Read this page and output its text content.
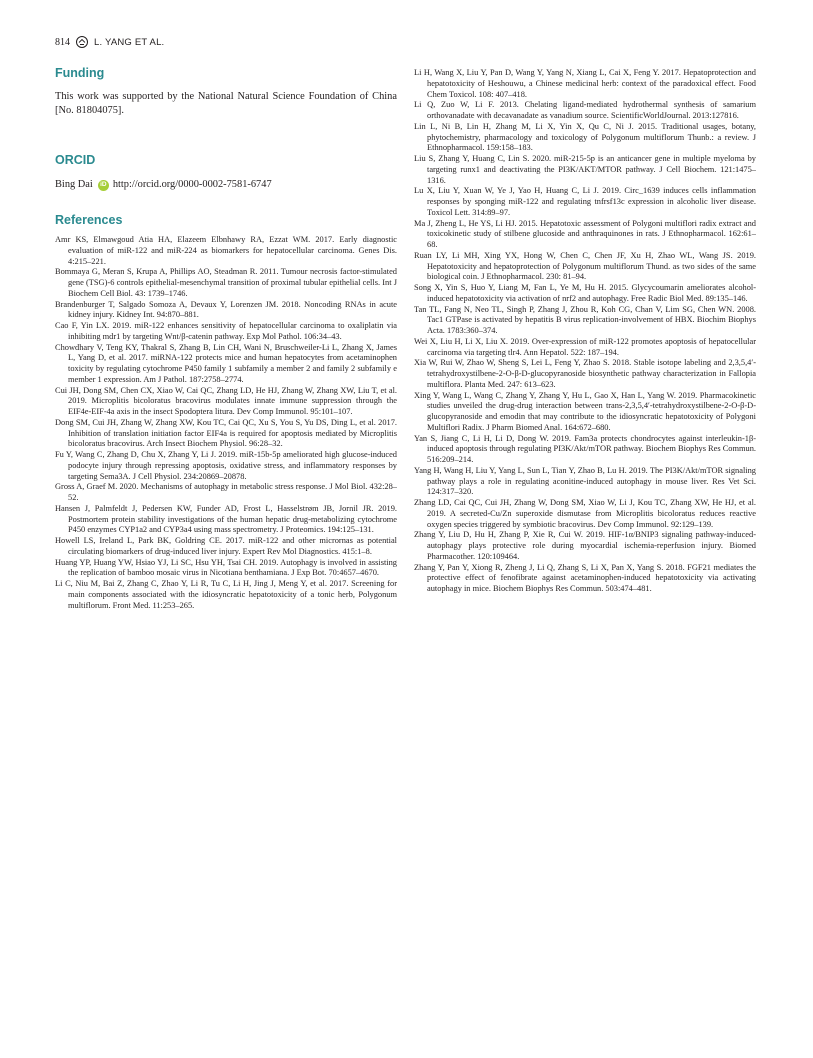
814	L. YANG ET AL.
Funding

This work was supported by the National Natural Science Foundation of China [No. 81804075].

ORCID

Bing Dai	iD http://orcid.org/0000-0002-7581-6747

References

Amr KS, Elmawgoud Atia HA, Elazeem Elbnhawy RA, Ezzat WM. 2017. Early diagnostic evaluation of miR-122 and miR-224 as biomarkers for hepatocellular carcinoma. Genes Dis. 4:215–221.

Bommaya G, Meran S, Krupa A, Phillips AO, Steadman R. 2011. Tumour necrosis factor-stimulated gene (TSG)-6 controls epithelial-mesenchymal transition of proximal tubular epithelial cells. Int J Biochem Cell Biol. 43: 1739–1746.

Brandenburger T, Salgado Somoza A, Devaux Y, Lorenzen JM. 2018. Noncoding RNAs in acute kidney injury. Kidney Int. 94:870–881.

Cao F, Yin LX. 2019. miR-122 enhances sensitivity of hepatocellular carcinoma to oxaliplatin via inhibiting mdr1 by targeting Wnt/β-catenin pathway. Exp Mol Pathol. 106:34–43.

Chowdhary V, Teng KY, Thakral S, Zhang B, Lin CH, Wani N, Bruschweiler-Li L, Zhang X, James L, Yang D, et al. 2017. miRNA-122 protects mice and human hepatocytes from acetaminophen toxicity by regulating cytochrome P450 family 1 subfamily a member 2 and family 2 subfamily e member 1 expression. Am J Pathol. 187:2758–2774.

Cui JH, Dong SM, Chen CX, Xiao W, Cai QC, Zhang LD, He HJ, Zhang W, Zhang XW, Liu T, et al. 2019. Microplitis bicoloratus bracovirus modulates innate immune suppression through the EIF4e-EIF-4a axis in the insect Spodoptera litura. Dev Comp Immunol. 95:101–107.

Dong SM, Cui JH, Zhang W, Zhang XW, Kou TC, Cai QC, Xu S, You S, Yu DS, Ding L, et al. 2017. Inhibition of translation initiation factor EIF4a is required for apoptosis mediated by Microplitis bicoloratus bracovirus. Arch Insect Biochem Physiol. 96:28–32.

Fu Y, Wang C, Zhang D, Chu X, Zhang Y, Li J. 2019. miR-15b-5p ameliorated high glucose-induced podocyte injury through repressing apoptosis, oxidative stress, and inflammatory responses by targeting Sema3A. J Cell Physiol. 234:20869–20878.

Gross A, Graef M. 2020. Mechanisms of autophagy in metabolic stress response. J Mol Biol. 432:28–52.

Hansen J, Palmfeldt J, Pedersen KW, Funder AD, Frost L, Hasselstrøm JB, Jornil JR. 2019. Postmortem protein stability investigations of the human hepatic drug-metabolizing cytochrome P450 enzymes CYP1a2 and CYP3a4 using mass spectrometry. J Proteomics. 194:125–131.

Howell LS, Ireland L, Park BK, Goldring CE. 2017. miR-122 and other micrornas as potential circulating biomarkers of drug-induced liver injury. Expert Rev Mol Diagnostics. 415:1–8.

Huang YP, Huang YW, Hsiao YJ, Li SC, Hsu YH, Tsai CH. 2019. Autophagy is involved in assisting the replication of bamboo mosaic virus in Nicotiana benthamiana. J Exp Bot. 70:4657–4670.

Li C, Niu M, Bai Z, Zhang C, Zhao Y, Li R, Tu C, Li H, Jing J, Meng Y, et al. 2017. Screening for main components associated with the idiosyncratic hepatotoxicity of a tonic herb, Polygonum multiflorum. Front Med. 11:253–265.

Li H, Wang X, Liu Y, Pan D, Wang Y, Yang N, Xiang L, Cai X, Feng Y. 2017. Hepatoprotection and hepatotoxicity of Heshouwu, a Chinese medicinal herb: context of the paradoxical effect. Food Chem Toxicol. 108: 407–418.

Li Q, Zuo W, Li F. 2013. Chelating ligand-mediated hydrothermal synthesis of samarium orthovanadate with decavanadate as vanadium source. ScientificWorldJournal. 2013:127816.

Lin L, Ni B, Lin H, Zhang M, Li X, Yin X, Qu C, Ni J. 2015. Traditional usages, botany, phytochemistry, pharmacology and toxicology of Polygonum multiflorum Thunb.: a review. J Ethnopharmacol. 159:158–183.

Liu S, Zhang Y, Huang C, Lin S. 2020. miR-215-5p is an anticancer gene in multiple myeloma by targeting runx1 and deactivating the PI3K/AKT/MTOR pathway. J Cell Biochem. 121:1475–1316.

Lu X, Liu Y, Xuan W, Ye J, Yao H, Huang C, Li J. 2019. Circ_1639 induces cells inflammation responses by sponging miR-122 and regulating tnfrsf13c expression in alcoholic liver disease. Toxicol Lett. 314:89–97.

Ma J, Zheng L, He YS, Li HJ. 2015. Hepatotoxic assessment of Polygoni multiflori radix extract and toxicokinetic study of stilbene glucoside and anthraquinones in rats. J Ethnopharmacol. 162:61–68.

Ruan LY, Li MH, Xing YX, Hong W, Chen C, Chen JF, Xu H, Zhao WL, Wang JS. 2019. Hepatotoxicity and hepatoprotection of Polygonum multiflorum Thund. as two sides of the same biological coin. J Ethnopharmacol. 230: 81–94.

Song X, Yin S, Huo Y, Liang M, Fan L, Ye M, Hu H. 2015. Glycycoumarin ameliorates alcohol-induced hepatotoxicity via activation of nrf2 and autophagy. Free Radic Biol Med. 89:135–146.

Tan TL, Fang N, Neo TL, Singh P, Zhang J, Zhou R, Koh CG, Chan V, Lim SG, Chen WN. 2008. Tac1 GTPase is activated by hepatitis B virus replication-involvement of HBX. Biochim Biophys Acta. 1783:360–374.

Wei X, Liu H, Li X, Liu X. 2019. Over-expression of miR-122 promotes apoptosis of hepatocellular carcinoma via targeting tlr4. Ann Hepatol. 522: 187–194.

Xia W, Rui W, Zhao W, Sheng S, Lei L, Feng Y, Zhao S. 2018. Stable isotope labeling and 2,3,5,4′-tetrahydroxystilbene-2-O-β-D-glucopyranoside biosynthetic pathway characterization in Fallopia multiflora. Planta Med. 247: 613–623.

Xing Y, Wang L, Wang C, Zhang Y, Zhang Y, Hu L, Gao X, Han L, Yang W. 2019. Pharmacokinetic studies unveiled the drug-drug interaction between trans-2,3,5,4′-tetrahydroxystilbene-2-O-β-D-glucopyranoside and emodin that may contribute to the idiosyncratic hepatotoxicity of Polygoni Multiflori Radix. J Pharm Biomed Anal. 164:672–680.

Yan S, Jiang C, Li H, Li D, Dong W. 2019. Fam3a protects chondrocytes against interleukin-1β-induced apoptosis through regulating PI3K/Akt/mTOR pathway. Biochem Biophys Res Commun. 516:209–214.

Yang H, Wang H, Liu Y, Yang L, Sun L, Tian Y, Zhao B, Lu H. 2019. The PI3K/Akt/mTOR signaling pathway plays a role in regulating aconitine-induced autophagy in mouse liver. Res Vet Sci. 124:317–320.

Zhang LD, Cai QC, Cui JH, Zhang W, Dong SM, Xiao W, Li J, Kou TC, Zhang XW, He HJ, et al. 2019. A secreted-Cu/Zn superoxide dismutase from Microplitis bicoloratus reduces reactive oxygen species triggered by symbiotic bracovirus. Dev Comp Immunol. 92:129–139.

Zhang Y, Liu D, Hu H, Zhang P, Xie R, Cui W. 2019. HIF-1α/BNIP3 signaling pathway-induced-autophagy plays protective role during myocardial ischemia-reperfusion injury. Biomed Pharmacother. 120:109464.

Zhang Y, Pan Y, Xiong R, Zheng J, Li Q, Zhang S, Li X, Pan X, Yang S. 2018. FGF21 mediates the protective effect of fenofibrate against acetaminophen-induced hepatotoxicity via activating autophagy in mice. Biochem Biophys Res Commun. 503:474–481.
